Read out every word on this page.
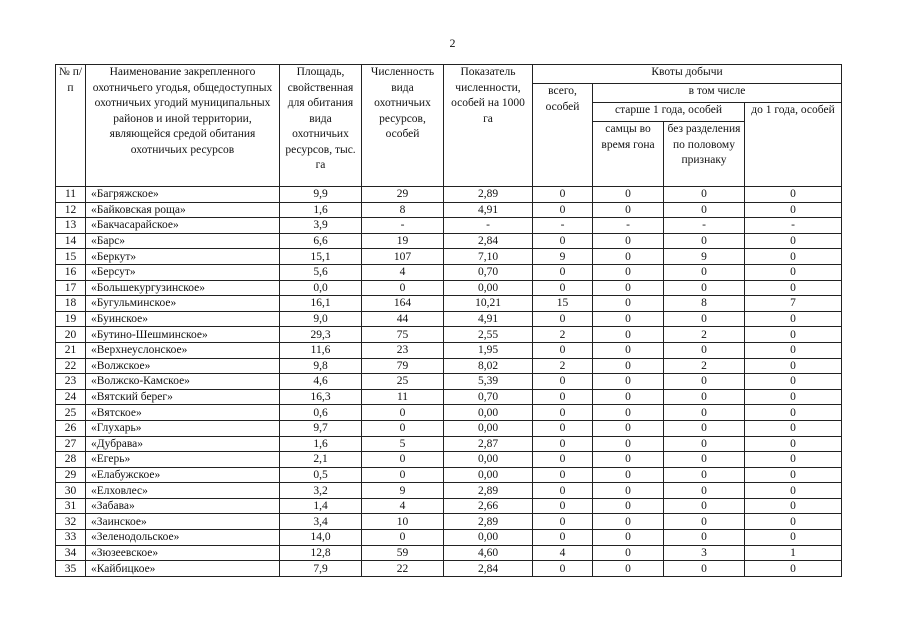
2
№ п/п	Наименование закрепленного охотничьего угодья, общедоступных охотничьих угодий муниципальных районов и иной территории, являющейся средой обитания охотничьих ресурсов	Площадь, свойственная для обитания вида охотничьих ресурсов, тыс. га	Численность вида охотничьих ресурсов, особей	Показатель численности, особей на 1000 га	Квоты добычи			
					всего, особей	в том числе		
						старше 1 года, особей		до 1 года, особей
						самцы во время гона	без разделения по половому признаку	
11	«Багряжское»	9,9	29	2,89	0	0	0	0
12	«Байковская роща»	1,6	8	4,91	0	0	0	0
13	«Бакчасарайское»	3,9	-	-	-	-	-	-
14	«Барс»	6,6	19	2,84	0	0	0	0
15	«Беркут»	15,1	107	7,10	9	0	9	0
16	«Берсут»	5,6	4	0,70	0	0	0	0
17	«Большекургузинское»	0,0	0	0,00	0	0	0	0
18	«Бугульминское»	16,1	164	10,21	15	0	8	7
19	«Буинское»	9,0	44	4,91	0	0	0	0
20	«Бутино-Шешминское»	29,3	75	2,55	2	0	2	0
21	«Верхнеуслонское»	11,6	23	1,95	0	0	0	0
22	«Волжское»	9,8	79	8,02	2	0	2	0
23	«Волжско-Камское»	4,6	25	5,39	0	0	0	0
24	«Вятский берег»	16,3	11	0,70	0	0	0	0
25	«Вятское»	0,6	0	0,00	0	0	0	0
26	«Глухарь»	9,7	0	0,00	0	0	0	0
27	«Дубрава»	1,6	5	2,87	0	0	0	0
28	«Егерь»	2,1	0	0,00	0	0	0	0
29	«Елабужское»	0,5	0	0,00	0	0	0	0
30	«Елховлес»	3,2	9	2,89	0	0	0	0
31	«Забава»	1,4	4	2,66	0	0	0	0
32	«Заинское»	3,4	10	2,89	0	0	0	0
33	«Зеленодольское»	14,0	0	0,00	0	0	0	0
34	«Зюзеевское»	12,8	59	4,60	4	0	3	1
35	«Кайбицкое»	7,9	22	2,84	0	0	0	0
